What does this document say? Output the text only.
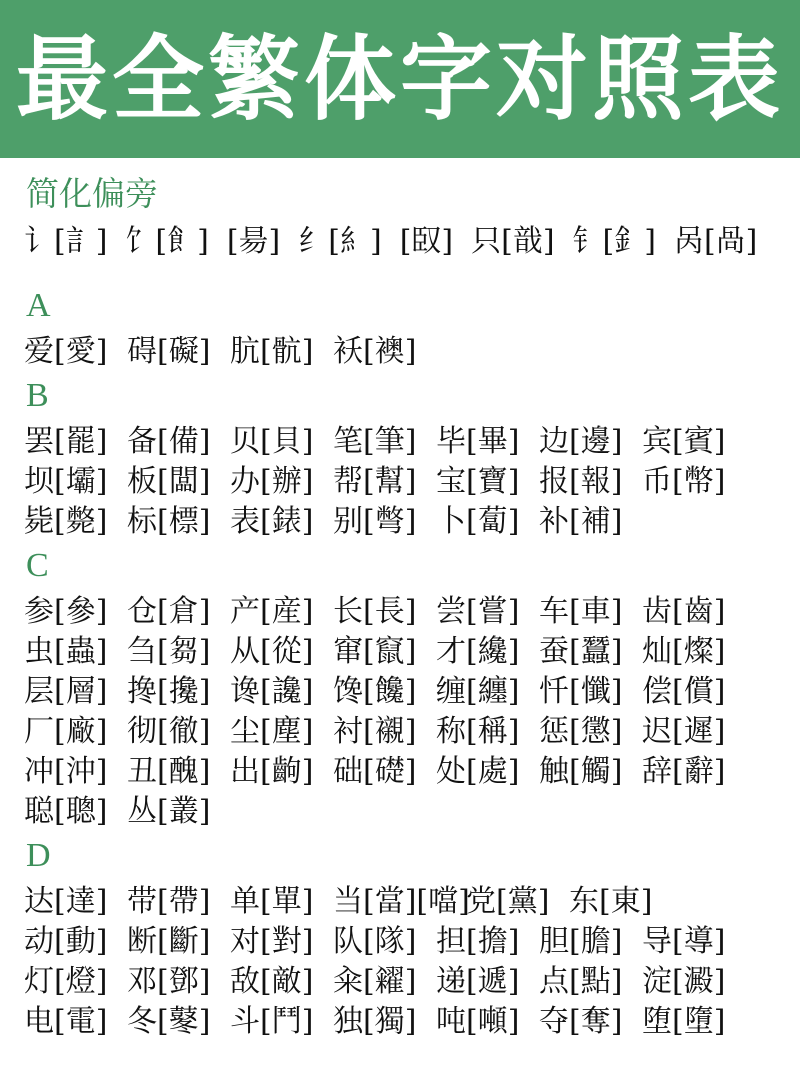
最全繁体字对照表
简化偏旁
讠[訁] 饣[飠] [昜] 纟[糹] [臤] 只[戠] 钅[釒] 呙[咼]
A
爱[愛] 碍[礙] 肮[骯] 袄[襖]
B
罢[罷] 备[備] 贝[貝] 笔[筆] 毕[畢] 边[邊] 宾[賓]
坝[壩] 板[闆] 办[辦] 帮[幫] 宝[寶] 报[報] 币[幣]
毙[斃] 标[標] 表[錶] 别[彆] 卜[蔔] 补[補]
C
参[參] 仓[倉] 产[産] 长[長] 尝[嘗] 车[車] 齿[齒]
虫[蟲] 刍[芻] 从[從] 窜[竄] 才[纔] 蚕[蠶] 灿[燦]
层[層] 搀[攙] 谗[讒] 馋[饞] 缠[纏] 忏[懺] 偿[償]
厂[廠] 彻[徹] 尘[塵] 衬[襯] 称[稱] 惩[懲] 迟[遲]
冲[沖] 丑[醜] 出[齣] 础[礎] 处[處] 触[觸] 辞[辭]
聪[聰] 丛[叢]
D
达[達] 带[帶] 单[單] 当[當][噹]
党[黨] 东[東]
动[動] 断[斷] 对[對] 队[隊] 担[擔] 胆[膽] 导[導]
灯[燈] 邓[鄧] 敌[敵] 籴[糴] 递[遞] 点[點] 淀[澱]
电[電] 冬[鼕] 斗[鬥] 独[獨] 吨[噸] 夺[奪] 堕[墮]
